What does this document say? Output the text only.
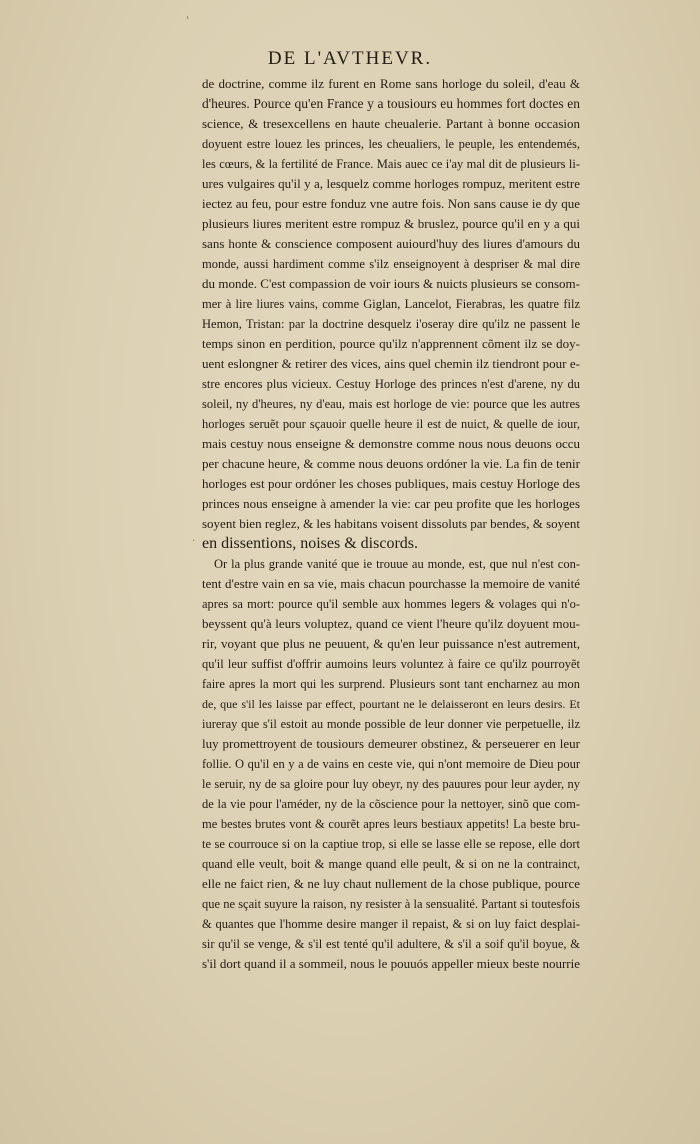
'
DE L'AVTHEVR.
de doctrine, comme ilz furent en Rome sans horloge du soleil, d'eau &
d'heures. Pource qu'en France y a tousiours eu hommes fort doctes en
science, & tresexcellens en haute cheualerie. Partant à bonne occasion
doyuent estre louez les princes, les cheualiers, le peuple, les entendemés,
les cœurs, & la fertilité de France. Mais auec ce i'ay mal dit de plusieurs li-
ures vulgaires qu'il y a, lesquelz comme horloges rompuz, meritent estre
iectez au feu, pour estre fonduz vne autre fois. Non sans cause ie dy que
plusieurs liures meritent estre rompuz & bruslez, pource qu'il en y a qui
sans honte & conscience composent auiourd'huy des liures d'amours du
monde, aussi hardiment comme s'ilz enseignoyent à despriser & mal dire
du monde. C'est compassion de voir iours & nuicts plusieurs se consom-
mer à lire liures vains, comme Giglan, Lancelot, Fierabras, les quatre filz
Hemon, Tristan: par la doctrine desquelz i'oseray dire qu'ilz ne passent le
temps sinon en perdition, pource qu'ilz n'apprennent cõment ilz se doy-
uent eslongner & retirer des vices, ains quel chemin ilz tiendront pour e-
stre encores plus vicieux. Cestuy Horloge des princes n'est d'arene, ny du
soleil, ny d'heures, ny d'eau, mais est horloge de vie: pource que les autres
horloges seruẽt pour sçauoir quelle heure il est de nuict, & quelle de iour,
mais cestuy nous enseigne & demonstre comme nous nous deuons occu
per chacune heure, & comme nous deuons ordóner la vie. La fin de tenir
horloges est pour ordóner les choses publiques, mais cestuy Horloge des
princes nous enseigne à amender la vie: car peu profite que les horloges
soyent bien reglez, & les habitans voisent dissoluts par bendes, & soyent
en dissentions, noises & discords.
Or la plus grande vanité que ie trouue au monde, est, que nul n'est con-
tent d'estre vain en sa vie, mais chacun pourchasse la memoire de vanité
apres sa mort: pource qu'il semble aux hommes legers & volages qui n'o-
beyssent qu'à leurs voluptez, quand ce vient l'heure qu'ilz doyuent mou-
rir, voyant que plus ne peuuent, & qu'en leur puissance n'est autrement,
qu'il leur suffist d'offrir aumoins leurs voluntez à faire ce qu'ilz pourroyẽt
faire apres la mort qui les surprend. Plusieurs sont tant encharnez au mon
de, que s'il les laisse par effect, pourtant ne le delaisseront en leurs desirs. Et
iureray que s'il estoit au monde possible de leur donner vie perpetuelle, ilz
luy promettroyent de tousiours demeurer obstinez, & perseuerer en leur
follie. O qu'il en y a de vains en ceste vie, qui n'ont memoire de Dieu pour
le seruir, ny de sa gloire pour luy obeyr, ny des pauures pour leur ayder, ny
de la vie pour l'améder, ny de la cõscience pour la nettoyer, sinõ que com-
me bestes brutes vont & courẽt apres leurs bestiaux appetits! La beste bru-
te se courrouce si on la captiue trop, si elle se lasse elle se repose, elle dort
quand elle veult, boit & mange quand elle peult, & si on ne la contrainct,
elle ne faict rien, & ne luy chaut nullement de la chose publique, pource
que ne sçait suyure la raison, ny resister à la sensualité. Partant si toutesfois
& quantes que l'homme desire manger il repaist, & si on luy faict desplai-
sir qu'il se venge, & s'il est tenté qu'il adultere, & s'il a soif qu'il boyue, &
s'il dort quand il a sommeil, nous le pouuós appeller mieux beste nourrie
.
